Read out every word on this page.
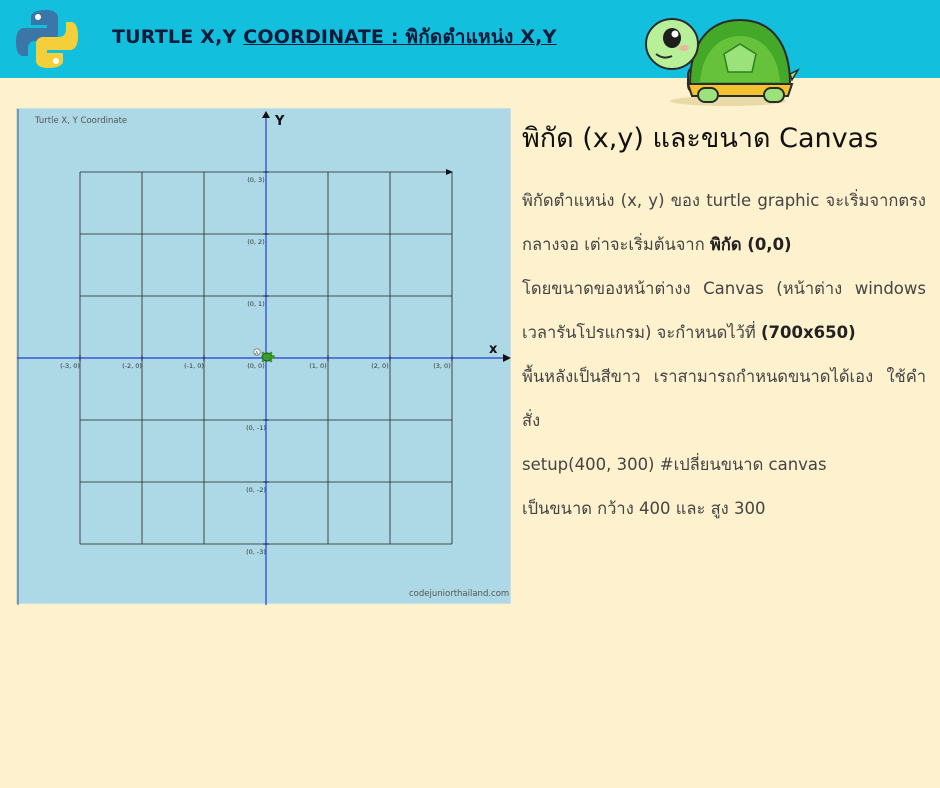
TURTLE X,Y COORDINATE : พิกัดตำแหน่ง X,Y
Turtle X, Y Coordinate
codejuniorthailand.com
(-3, 0)	(-2, 0)	(-1, 0)	(0, 0)	(1, 0)	(2, 0)	(3, 0)
(0, 3)
(0, 2)
(0, 1)
(0, -1)
(0, -2)
(0, -3)
Y
x
A
พิกัด (x,y) และขนาด Canvas

พิกัดตำแหน่ง (x, y) ของ turtle graphic จะเริ่มจากตรงกลางจอ เต่าจะเริ่มต้นจาก พิกัด (0,0)

โดยขนาดของหน้าต่างง Canvas (หน้าต่าง windows เวลารันโปรแกรม) จะกำหนดไว้ที่ (700x650)

พื้นหลังเป็นสีขาว เราสามารถกำหนดขนาดได้เอง ใช้คำสั่ง

setup(400, 300) #เปลี่ยนขนาด canvas

เป็นขนาด กว้าง 400 และ สูง 300
